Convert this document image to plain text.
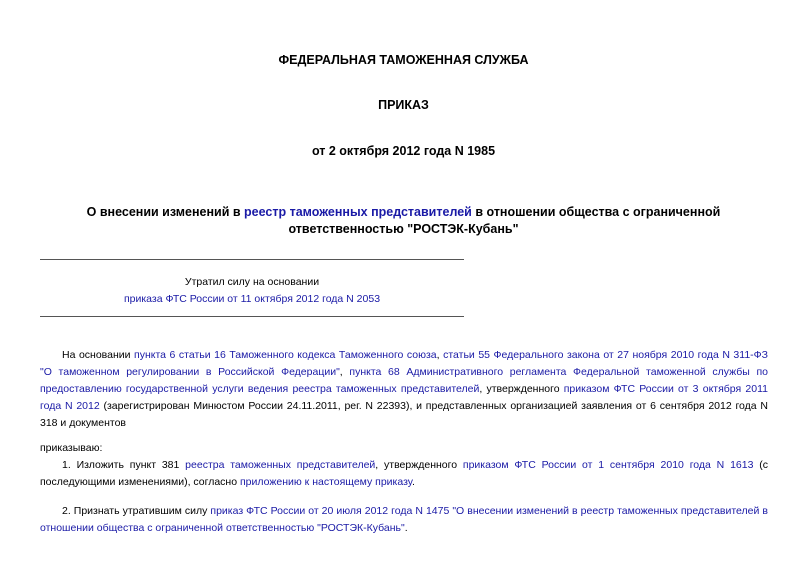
ФЕДЕРАЛЬНАЯ ТАМОЖЕННАЯ СЛУЖБА
ПРИКАЗ
от 2 октября 2012 года N 1985
О внесении изменений в реестр таможенных представителей в отношении общества с ограниченной ответственностью "РОСТЭК-Кубань"
Утратил силу на основании
приказа ФТС России от 11 октября 2012 года N 2053
На основании пункта 6 статьи 16 Таможенного кодекса Таможенного союза, статьи 55 Федерального закона от 27 ноября 2010 года N 311-ФЗ "О таможенном регулировании в Российской Федерации", пункта 68 Административного регламента Федеральной таможенной службы по предоставлению государственной услуги ведения реестра таможенных представителей, утвержденного приказом ФТС России от 3 октября 2011 года N 2012 (зарегистрирован Минюстом России 24.11.2011, рег. N 22393), и представленных организацией заявления от 6 сентября 2012 года N 318 и документов
приказываю:
1. Изложить пункт 381 реестра таможенных представителей, утвержденного приказом ФТС России от 1 сентября 2010 года N 1613 (с последующими изменениями), согласно приложению к настоящему приказу.
2. Признать утратившим силу приказ ФТС России от 20 июля 2012 года N 1475 "О внесении изменений в реестр таможенных представителей в отношении общества с ограниченной ответственностью "РОСТЭК-Кубань".
